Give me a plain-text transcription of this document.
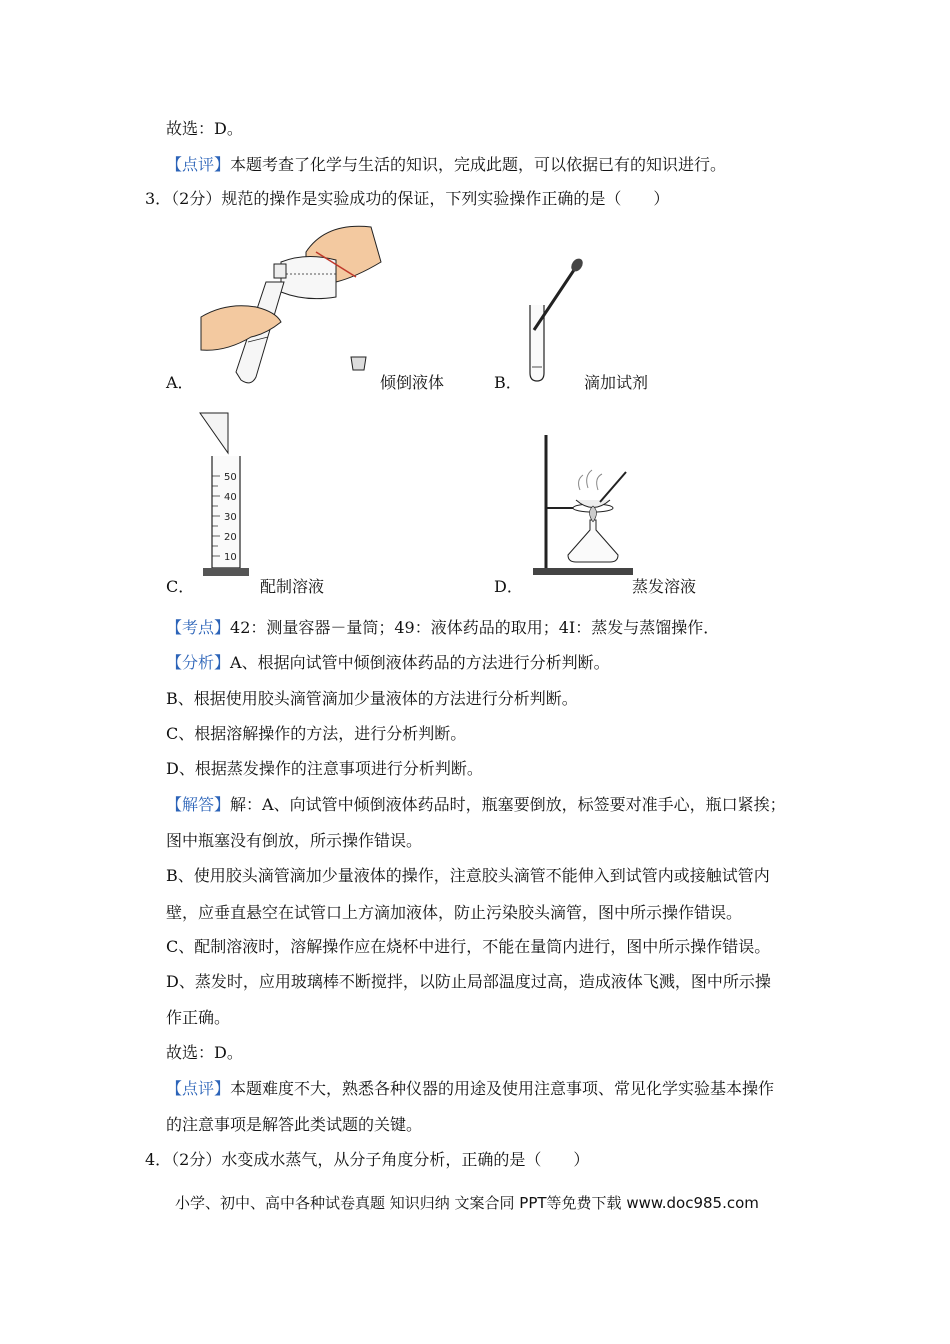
故选：D。
【点评】本题考查了化学与生活的知识，完成此题，可以依据已有的知识进行。
3．（2分）规范的操作是实验成功的保证，下列实验操作正确的是（　　）
A．	倾倒液体	B．	滴加试剂
50
40
30
20
10
C．	配制溶液	D．	蒸发溶液
【考点】42：测量容器－量筒；49：液体药品的取用；4I：蒸发与蒸馏操作．
【分析】A、根据向试管中倾倒液体药品的方法进行分析判断。
B、根据使用胶头滴管滴加少量液体的方法进行分析判断。
C、根据溶解操作的方法，进行分析判断。
D、根据蒸发操作的注意事项进行分析判断。
【解答】解：A、向试管中倾倒液体药品时，瓶塞要倒放，标签要对准手心，瓶口紧挨；
图中瓶塞没有倒放，所示操作错误。
B、使用胶头滴管滴加少量液体的操作，注意胶头滴管不能伸入到试管内或接触试管内
壁，应垂直悬空在试管口上方滴加液体，防止污染胶头滴管，图中所示操作错误。
C、配制溶液时，溶解操作应在烧杯中进行，不能在量筒内进行，图中所示操作错误。
D、蒸发时，应用玻璃棒不断搅拌，以防止局部温度过高，造成液体飞溅，图中所示操
作正确。
故选：D。
【点评】本题难度不大，熟悉各种仪器的用途及使用注意事项、常见化学实验基本操作
的注意事项是解答此类试题的关键。
4．（2分）水变成水蒸气，从分子角度分析，正确的是（　　）
小学、初中、高中各种试卷真题 知识归纳 文案合同 PPT等免费下载 www.doc985.com
